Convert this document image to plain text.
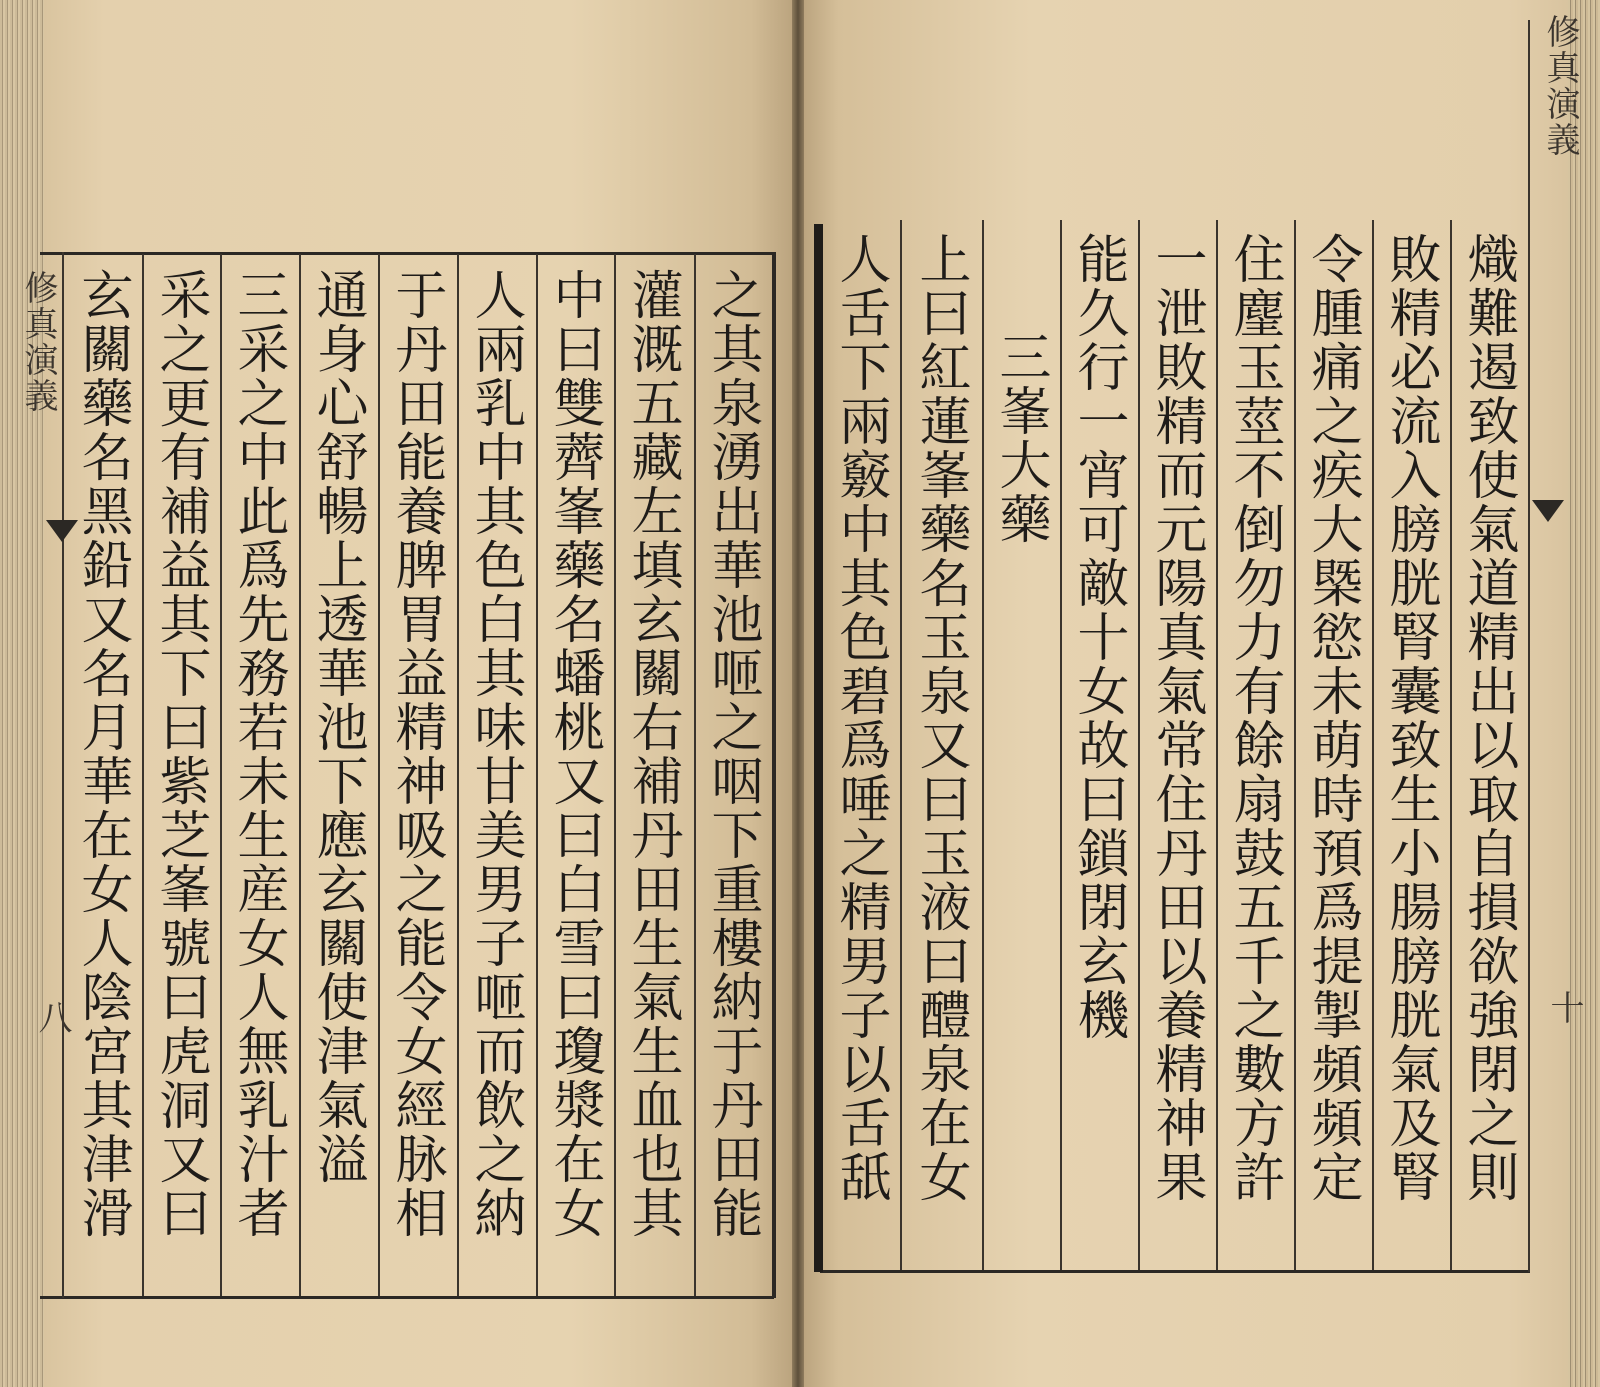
修真演義
八	之其泉湧出華池咂之咽下重樓納于丹田能
灌溉五藏左填玄關右補丹田生氣生血也其
中曰雙薺峯藥名蟠桃又曰白雪曰瓊漿在女
人兩乳中其色白其味甘美男子咂而飲之納
于丹田能養脾胃益精神吸之能令女經脉相
通身心舒暢上透華池下應玄關使津氣溢
三采之中此爲先務若未生産女人無乳汁者
采之更有補益其下曰紫芝峯號曰虎洞又曰
玄關藥名黑鉛又名月華在女人陰宮其津滑
修真演義
十
熾難遏致使氣道精出以取自損欲強閉之則
敗精必流入膀胱腎囊致生小腸膀胱氣及腎
令腫痛之疾大槩慾未萌時預爲提掣頻頻定
住麈玉莖不倒勿力有餘扇鼓五千之數方許
一泄敗精而元陽真氣常住丹田以養精神果
能久行一宵可敵十女故曰鎖閉玄機
三峯大藥
上曰紅蓮峯藥名玉泉又曰玉液曰醴泉在女
人舌下兩竅中其色碧爲唾之精男子以舌舐
